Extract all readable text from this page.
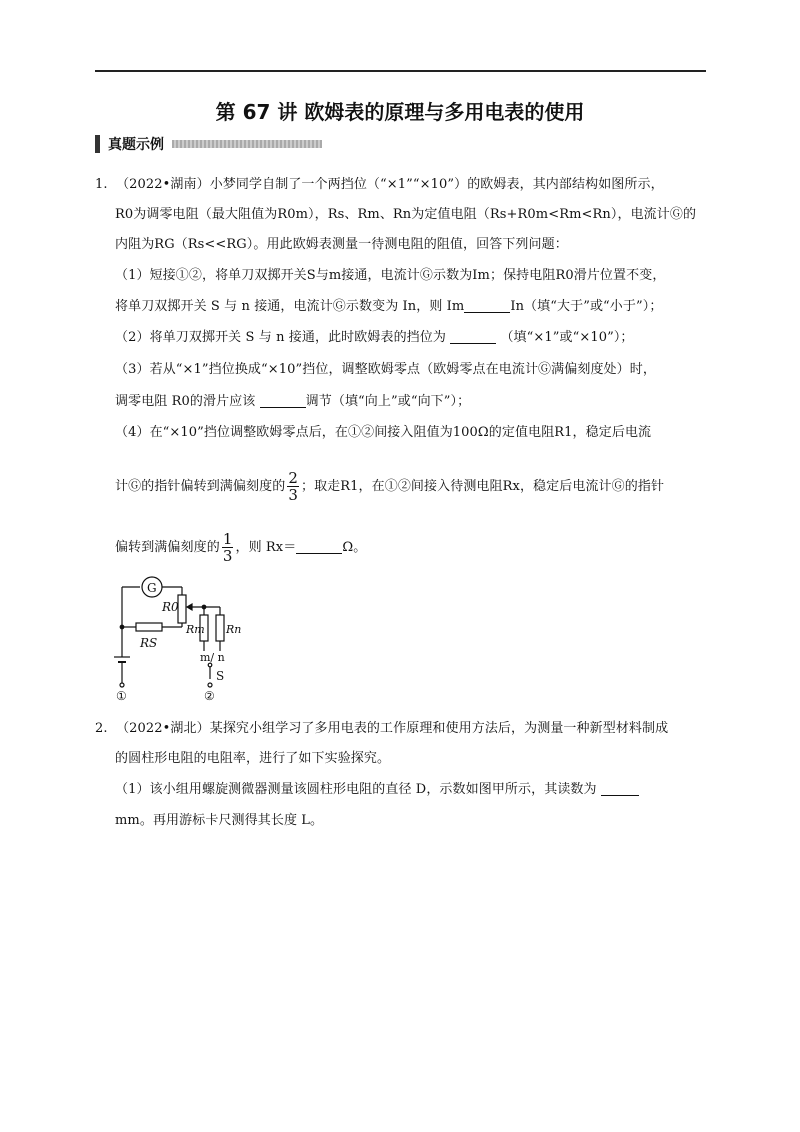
第 67 讲 欧姆表的原理与多用电表的使用
真题示例
1. （2022•湖南）小梦同学自制了一个两挡位（“×1”“×10”）的欧姆表，其内部结构如图所示，
R0为调零电阻（最大阻值为R0m），Rs、Rm、Rn为定值电阻（Rs+R0m<Rm<Rn），电流计Ⓖ的
内阻为RG（Rs<<RG）。用此欧姆表测量一待测电阻的阻值，回答下列问题：
（1）短接①②，将单刀双掷开关S与m接通，电流计Ⓖ示数为Im；保持电阻R0滑片位置不变，
将单刀双掷开关 S 与 n 接通，电流计Ⓖ示数变为 In，则 Im	In（填“大于”或“小于”）；
（2）将单刀双掷开关 S 与 n 接通，此时欧姆表的挡位为	（填“×1”或“×10”）；
（3）若从“×1”挡位换成“×10”挡位，调整欧姆零点（欧姆零点在电流计Ⓖ满偏刻度处）时，
调零电阻 R0的滑片应该	调节（填“向上”或“向下”）；
（4）在“×10”挡位调整欧姆零点后，在①②间接入阻值为100Ω的定值电阻R1，稳定后电流
计Ⓖ的指针偏转到满偏刻度的 $\frac{2}{3}$ ；取走R1，在①②间接入待测电阻Rx，稳定后电流计Ⓖ的指针
偏转到满偏刻度的 $\frac{1}{3}$ ，则 Rx＝	Ω。
G
R0
Rm Rn
m/ n
RS
①
S
②
2. （2022•湖北）某探究小组学习了多用电表的工作原理和使用方法后，为测量一种新型材料制成
的圆柱形电阻的电阻率，进行了如下实验探究。
（1）该小组用螺旋测微器测量该圆柱形电阻的直径 D，示数如图甲所示，其读数为
mm。再用游标卡尺测得其长度 L。
